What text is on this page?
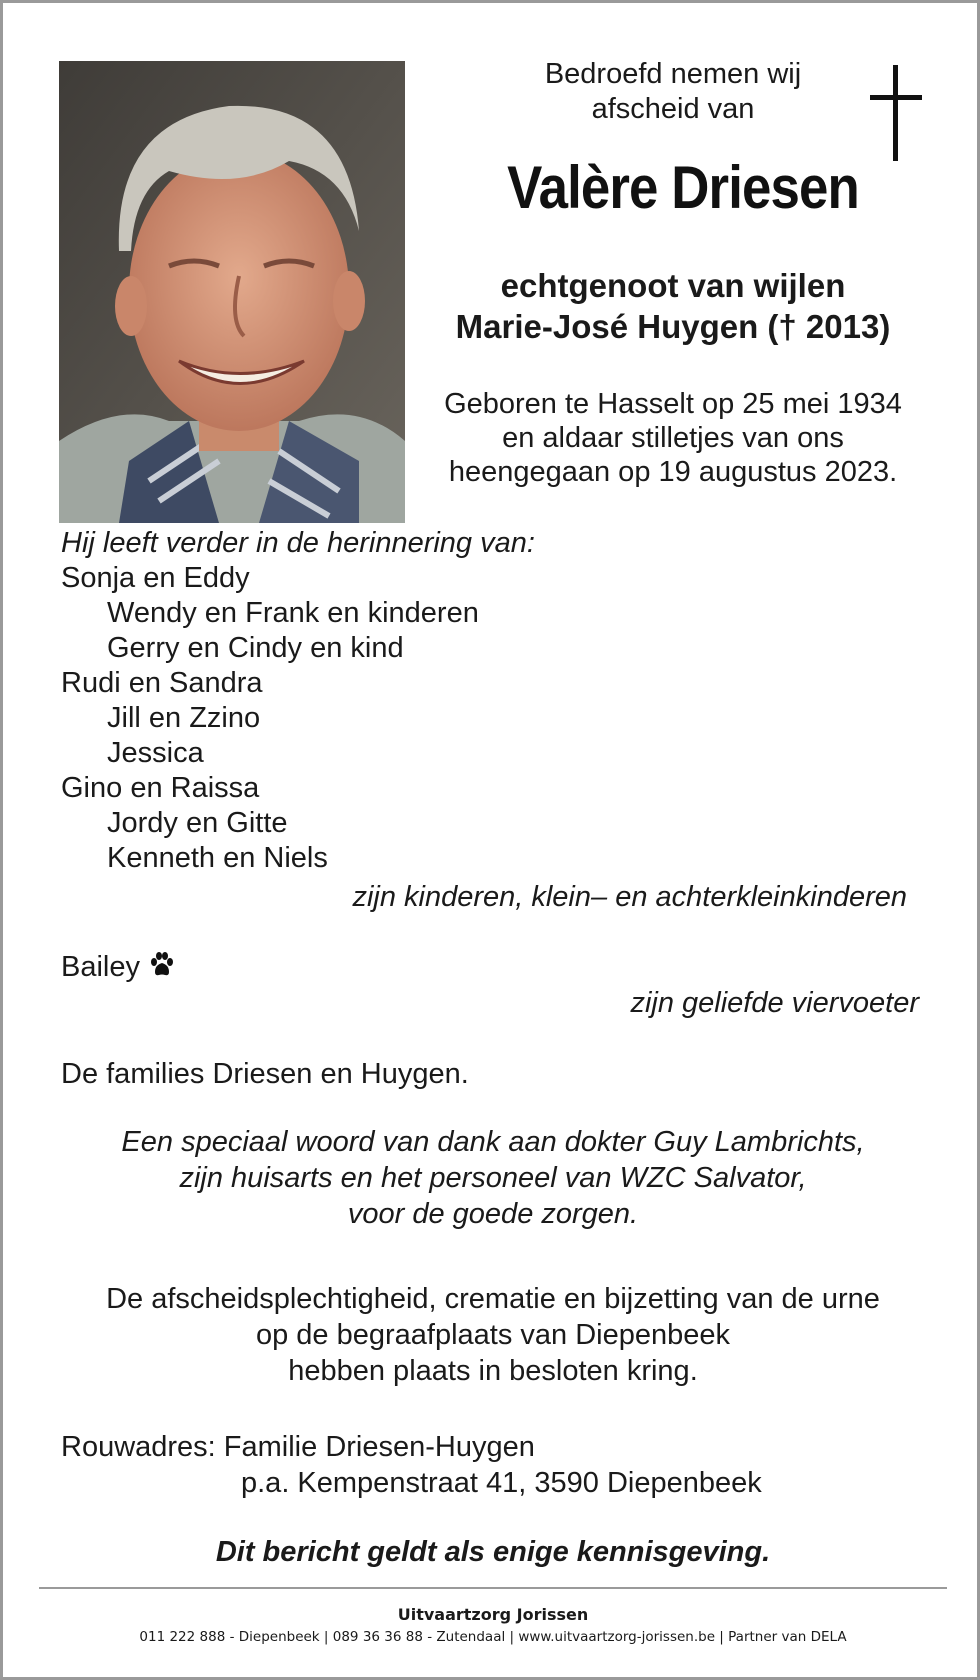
Bedroefd nemen wij
afscheid van
Valère Driesen
echtgenoot van wijlen
Marie-José Huygen († 2013)
Geboren te Hasselt op 25 mei 1934
en aldaar stilletjes van ons
heengegaan op 19 augustus 2023.
Hij leeft verder in de herinnering van:
Sonja en Eddy
Wendy en Frank en kinderen
Gerry en Cindy en kind
Rudi en Sandra
Jill en Zzino
Jessica
Gino en Raissa
Jordy en Gitte
Kenneth en Niels
zijn kinderen, klein– en achterkleinkinderen
Bailey
zijn geliefde viervoeter
De families Driesen en Huygen.
Een speciaal woord van dank aan dokter Guy Lambrichts,
zijn huisarts en het personeel van WZC Salvator,
voor de goede zorgen.
De afscheidsplechtigheid, crematie en bijzetting van de urne
op de begraafplaats van Diepenbeek
hebben plaats in besloten kring.
Rouwadres: Familie Driesen-Huygen
p.a. Kempenstraat 41, 3590 Diepenbeek
Dit bericht geldt als enige kennisgeving.
Uitvaartzorg Jorissen
011 222 888 - Diepenbeek | 089 36 36 88 - Zutendaal | www.uitvaartzorg-jorissen.be | Partner van DELA
